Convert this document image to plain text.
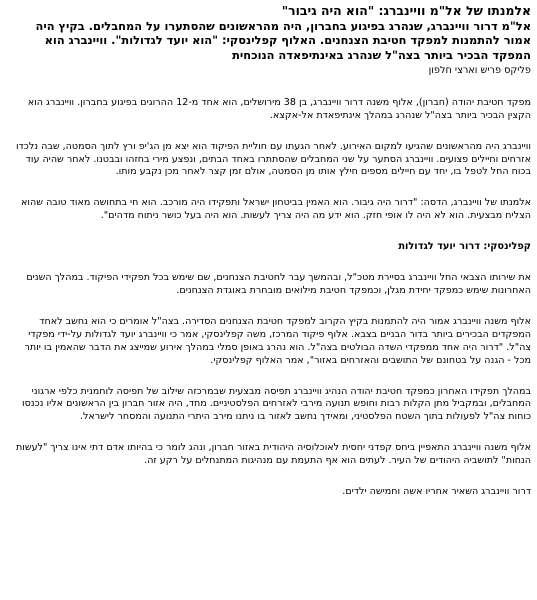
אלמנתו של אל"מ וויינברג: "הוא היה גיבור"
אל"מ דרור וויינברג, שנהרג בפיגוע בחברון, היה מהראשונים שהסתערו על המחבלים. בקיץ היה אמור להתמנות למפקד חטיבת הצנחנים. האלוף קפלינסקי: "הוא יועד לגדולות". וויינברג הוא המפקד הבכיר ביותר בצה"ל שנהרג באינתיפאדה הנוכחית
פליקס פריש וארצי חלפון

מפקד חטיבת יהודה (חברון), אלוף משנה דרור וויינברג, בן 38 מירושלים, הוא אחד מ-12 ההרוגים בפיגוע בחברון. וויינברג הוא הקצין הבכיר ביותר בצה"ל שנהרג במהלך אינתיפאדת אל-אקצא.

וויינברג היה מהראשונים שהגיעו למקום האירוע. לאחר הגעתו עם חוליית הפיקוד הוא יצא מן הג'יפ ורץ לתוך הסמטה, שבה נלכדו אזרחים וחיילים פצועים. וויינברג הסתער על שני המחבלים שהסתתרו באחד הבתים, ונפצע מירי בחזהו ובבטנו. לאחר שהיה עוד בכוח החל לטפל בו, יחד עם חיילים מספים חילץ אותו מן הסמטה, אולם זמן קצר לאחר מכן נקבע מותו.

אלמנתו של וויינברג, הדסה: "דרור היה גיבור. הוא האמין בביטחון ישראל ותפקידו היה מורכב. הוא חי בתחושה מאוד טובה שהוא הצליח מבצעית. הוא לא היה לו אופי חזק. הוא ידע מה היה צריך לעשות. הוא היה בעל כושר ניתוח מדהים".

קפלינסקי: דרור יועד לגדולות

את שירותו הצבאי החל וויינברג בסיירת מטכ"ל, ובהמשך עבר לחטיבת הצנחנים, שם שימש בכל תפקידי הפיקוד. במהלך השנים האחרונות שימש כמפקד יחידת מגלן, וכמפקד חטיבת מילואים מובחרת באוגדת הצנחנים.

אלוף משנה וויינברג אמור היה להתמנות בקיץ הקרוב למפקד חטיבת הצנחנים הסדירה. בצה"ל אומרים כי הוא נחשב לאחד המפקדים הבכירים ביותר בדור הבניים בצבא. אלוף פיקוד המרכז, משה קפלינסקי, אמר כי וויינברג יועד לגדולות על-ידי מפקדי צה"ל. "דרור היה אחד ממפקדי השדה הבולטים בצה"ל. הוא נהרג באופן סמלי במהלך אירוע שמייצג את הדבר שהאמין בו יותר מכל - הגנה על בטחונם של התושבים והאזרחים באזור", אמר האלוף קפלינסקי.

במהלך תפקידו האחרון כמפקד חטיבת יהודה הנהיג וויינברג תפיסה מבצעית שבמרכזה שילוב של תפיסה לוחמנית כלפי ארגוני המחבלים, ובמקביל מתן הקלות רבות וחופש תנועה מירבי לאזרחים הפלסטיניים. מחד, היה אזור חברון בין הראשונים אליו נכנסו כוחות צה"ל לפעולות בתוך השטח הפלסטיני, ומאידך נחשב לאזור בו ניתנו מירב היתרי התנועה והמסחר לישראל.

אלוף משנה וויינברג התאפיין ביחס קפדני יחסית לאוכלוסיה היהודית באזור חברון, ונהג לומר כי בהיותו אדם דתי אינו צריך "לעשות הנחות" לתושביה היהודים של העיר. לעתים הוא אף התעמת עם מנהיגות המתנחלים על רקע זה.

דרור וויינברג השאיר אחריו אשה וחמישה ילדים.
